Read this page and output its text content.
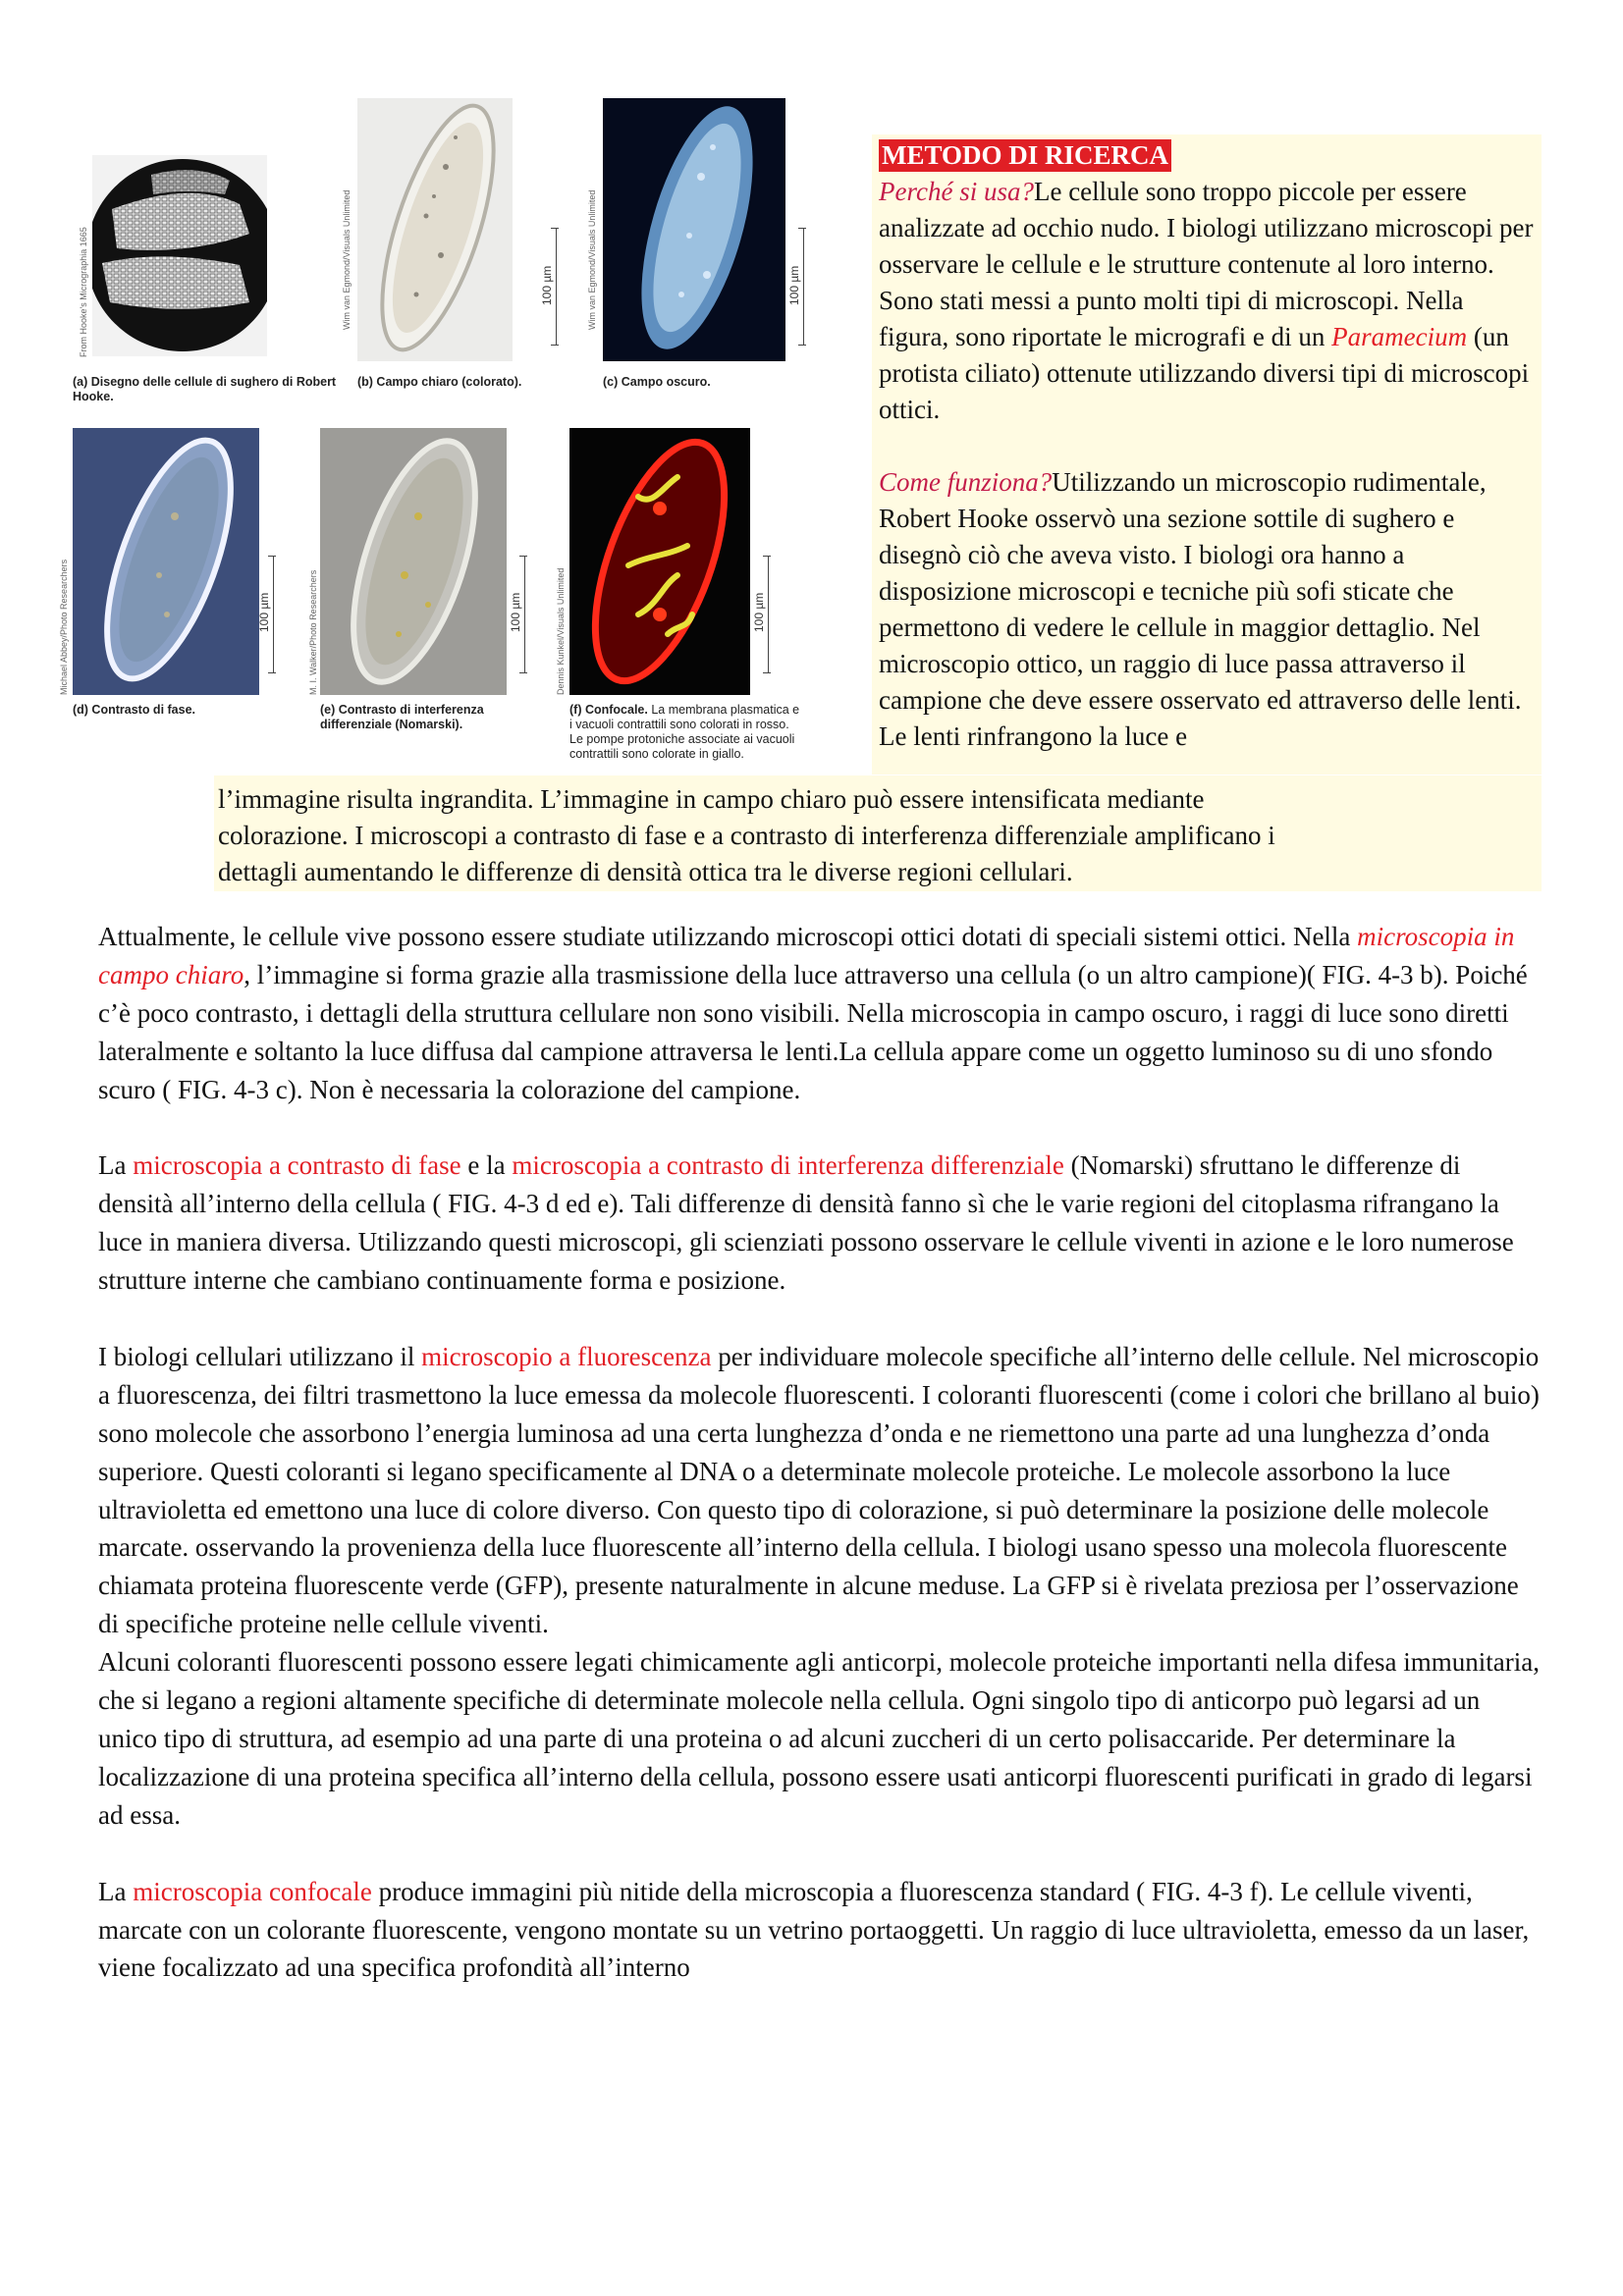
METODO DI RICERCA
Perché si usa?Le cellule sono troppo piccole per essere analizzate ad occhio nudo. I biologi utilizzano microscopi per osservare le cellule e le strutture contenute al loro interno. Sono stati messi a punto molti tipi di microscopi. Nella figura, sono riportate le micrografi e di un Paramecium (un protista ciliato) ottenute utilizzando diversi tipi di microscopi ottici.
Come funziona?Utilizzando un microscopio rudimentale, Robert Hooke osservò una sezione sottile di sughero e disegnò ciò che aveva visto. I biologi ora hanno a disposizione microscopi e tecniche più sofi sticate che permettono di vedere le cellule in maggior dettaglio. Nel microscopio ottico, un raggio di luce passa attraverso il campione che deve essere osservato ed attraverso delle lenti. Le lenti rinfrangono la luce e
l’immagine risulta ingrandita. L’immagine in campo chiaro può essere intensificata mediante
colorazione. I microscopi a contrasto di fase e a contrasto di interferenza differenziale amplificano i
dettagli aumentando le differenze di densità ottica tra le diverse regioni cellulari.
From Hooke's Micrographia 1665
(a) Disegno delle cellule di sughero di Robert Hooke.
Wim van Egmond/Visuals Unlimited	100 µm
(b) Campo chiaro (colorato).
Wim van Egmond/Visuals Unlimited	100 µm
(c) Campo oscuro.
Michael Abbey/Photo Researchers	100 µm
(d) Contrasto di fase.
M. I. Walker/Photo Researchers	100 µm
(e) Contrasto di interferenza differenziale (Nomarski).
Dennis Kunkel/Visuals Unlimited	100 µm
(f) Confocale. La membrana plasmatica e i vacuoli contrattili sono colorati in rosso. Le pompe protoniche associate ai vacuoli contrattili sono colorate in giallo.

Attualmente, le cellule vive possono essere studiate utilizzando microscopi ottici dotati di speciali sistemi ottici. Nella microscopia in campo chiaro, l’immagine si forma grazie alla trasmissione della luce attraverso una cellula (o un altro campione)( FIG. 4-3 b). Poiché c’è poco contrasto, i dettagli della struttura cellulare non sono visibili. Nella microscopia in campo oscuro, i raggi di luce sono diretti lateralmente e soltanto la luce diffusa dal campione attraversa le lenti.La cellula appare come un oggetto luminoso su di uno sfondo scuro ( FIG. 4-3 c). Non è necessaria la colorazione del campione.

La microscopia a contrasto di fase e la microscopia a contrasto di interferenza differenziale (Nomarski) sfruttano le differenze di densità all’interno della cellula ( FIG. 4-3 d ed e). Tali differenze di densità fanno sì che le varie regioni del citoplasma rifrangano la luce in maniera diversa. Utilizzando questi microscopi, gli scienziati possono osservare le cellule viventi in azione e le loro numerose strutture interne che cambiano continuamente forma e posizione.

I biologi cellulari utilizzano il microscopio a fluorescenza per individuare molecole specifiche all’interno delle cellule. Nel microscopio a fluorescenza, dei filtri trasmettono la luce emessa da molecole fluorescenti. I coloranti fluorescenti (come i colori che brillano al buio) sono molecole che assorbono l’energia luminosa ad una certa lunghezza d’onda e ne riemettono una parte ad una lunghezza d’onda superiore. Questi coloranti si legano specificamente al DNA o a determinate molecole proteiche. Le molecole assorbono la luce ultravioletta ed emettono una luce di colore diverso. Con questo tipo di colorazione, si può determinare la posizione delle molecole marcate. osservando la provenienza della luce fluorescente all’interno della cellula. I biologi usano spesso una molecola fluorescente chiamata proteina fluorescente verde (GFP), presente naturalmente in alcune meduse. La GFP si è rivelata preziosa per l’osservazione di specifiche proteine nelle cellule viventi.

Alcuni coloranti fluorescenti possono essere legati chimicamente agli anticorpi, molecole proteiche importanti nella difesa immunitaria, che si legano a regioni altamente specifiche di determinate molecole nella cellula. Ogni singolo tipo di anticorpo può legarsi ad un unico tipo di struttura, ad esempio ad una parte di una proteina o ad alcuni zuccheri di un certo polisaccaride. Per determinare la localizzazione di una proteina specifica all’interno della cellula, possono essere usati anticorpi fluorescenti purificati in grado di legarsi ad essa.

La microscopia confocale produce immagini più nitide della microscopia a fluorescenza standard ( FIG. 4-3 f). Le cellule viventi, marcate con un colorante fluorescente, vengono montate su un vetrino portaoggetti. Un raggio di luce ultravioletta, emesso da un laser, viene focalizzato ad una specifica profondità all’interno
